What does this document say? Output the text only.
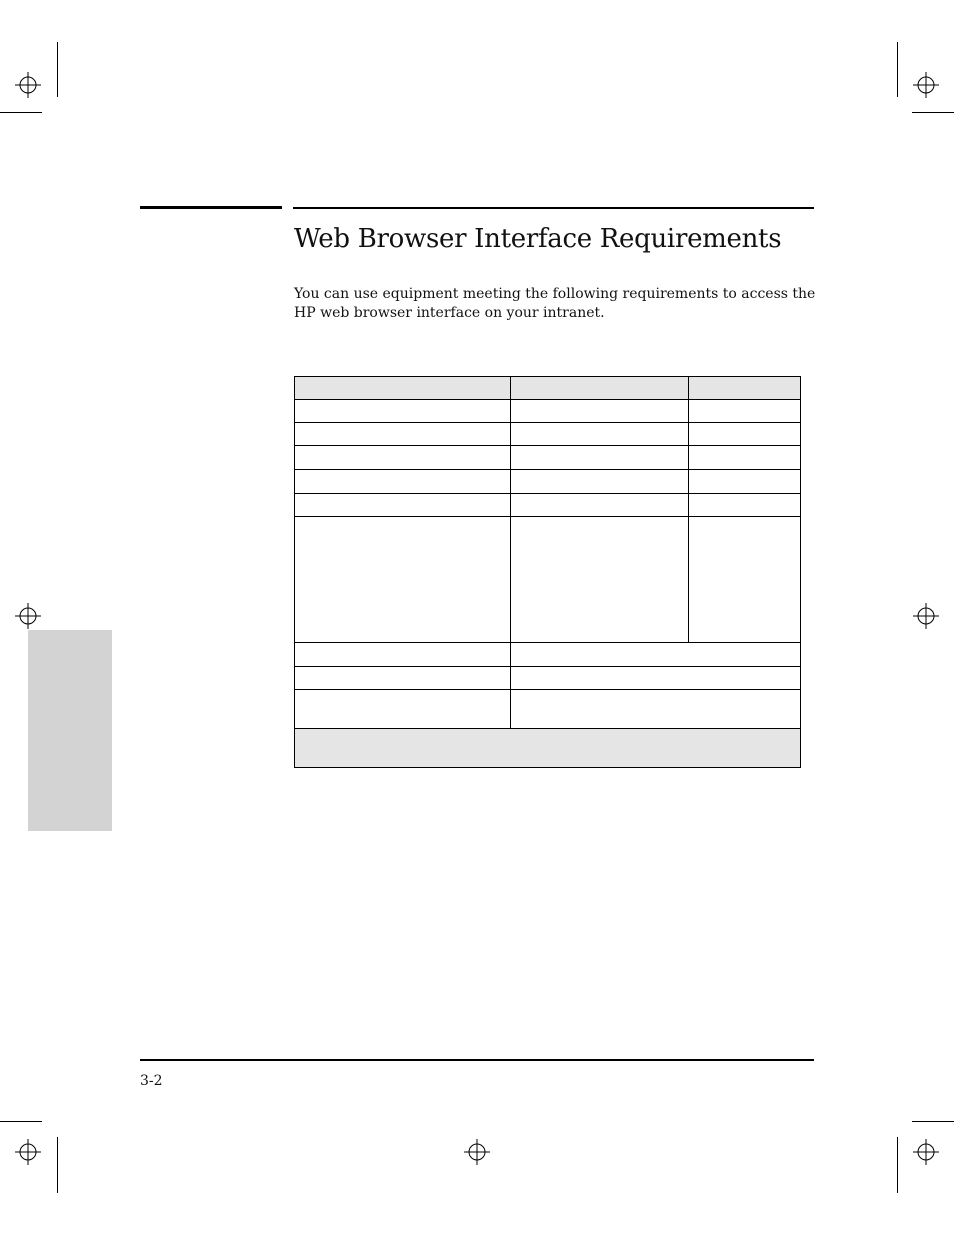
Web Browser Interface Requirements

You can use equipment meeting the following requirements to access the HP web browser interface on your intranet.

3-2
